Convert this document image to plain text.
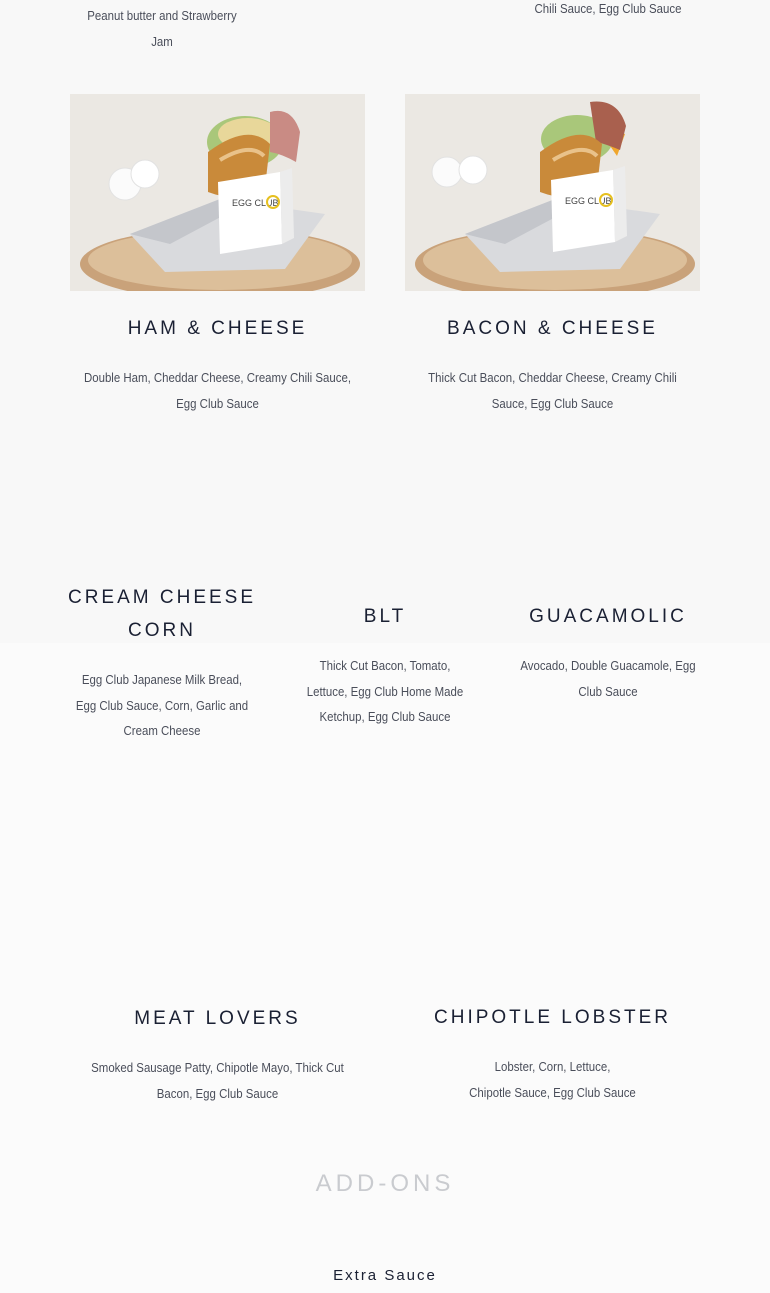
Peanut butter and Strawberry
Jam
Chili Sauce, Egg Club Sauce
EGG CLUB	EGG CLUB
HAM & CHEESE
Double Ham, Cheddar Cheese, Creamy Chili Sauce,
Egg Club Sauce
BACON & CHEESE
Thick Cut Bacon, Cheddar Cheese, Creamy Chili
Sauce, Egg Club Sauce
CREAM CHEESE
CORN
Egg Club Japanese Milk Bread,
Egg Club Sauce, Corn, Garlic and
Cream Cheese
BLT
Thick Cut Bacon, Tomato,
Lettuce, Egg Club Home Made
Ketchup, Egg Club Sauce
GUACAMOLIC
Avocado, Double Guacamole, Egg
Club Sauce
MEAT LOVERS
Smoked Sausage Patty, Chipotle Mayo, Thick Cut
Bacon, Egg Club Sauce
CHIPOTLE LOBSTER
Lobster, Corn, Lettuce,
Chipotle Sauce, Egg Club Sauce
ADD-ONS
Extra Sauce
